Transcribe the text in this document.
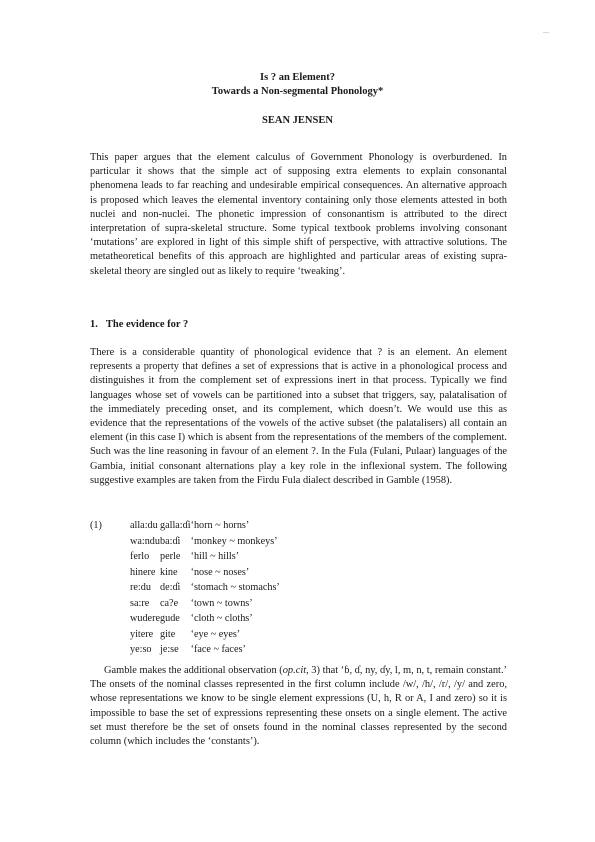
...
Is ? an Element?
Towards a Non-segmental Phonology*
SEAN JENSEN
This paper argues that the element calculus of Government Phonology is overburdened. In particular it shows that the simple act of supposing extra elements to explain consonantal phenomena leads to far reaching and undesirable empirical consequences. An alternative approach is proposed which leaves the elemental inventory containing only those elements attested in both nuclei and non-nuclei. The phonetic impression of consonantism is attributed to the direct interpretation of supra-skeletal structure. Some typical textbook problems involving consonant ‘mutations’ are explored in light of this simple shift of perspective, with attractive solutions. The metatheoretical benefits of this approach are highlighted and particular areas of existing supra-skeletal theory are singled out as likely to require ‘tweaking’.
1. The evidence for ?
There is a considerable quantity of phonological evidence that ? is an element. An element represents a property that defines a set of expressions that is active in a phonological process and distinguishes it from the complement set of expressions inert in that process. Typically we find languages whose set of vowels can be partitioned into a subset that triggers, say, palatalisation of the immediately preceding onset, and its complement, which doesn’t. We would use this as evidence that the representations of the vowels of the active subset (the palatalisers) all contain an element (in this case I) which is absent from the representations of the members of the complement. Such was the line reasoning in favour of an element ?. In the Fula (Fulani, Pulaar) languages of the Gambia, initial consonant alternations play a key role in the inflexional system. The following suggestive examples are taken from the Firdu Fula dialect described in Gamble (1958).
(1)	alla:du	galla:ɗi	‘horn ~ horns’
wa:ndu	ba:ɗi	‘monkey ~ monkeys’
ferlo	perle	‘hill ~ hills’
hinere	kine	‘nose ~ noses’
re:du	de:ɗi	‘stomach ~ stomachs’
sa:re	ca?e	‘town ~ towns’
wudere	gude	‘cloth ~ cloths’
yitere	gite	‘eye ~ eyes’
ye:so	je:se	‘face ~ faces’
Gamble makes the additional observation (op.cit, 3) that ‘ɓ, ɗ, ny, ɗy, l, m, n, t, remain constant.’ The onsets of the nominal classes represented in the first column include /w/, /h/, /r/, /y/ and zero, whose representations we know to be single element expressions (U, h, R or A, I and zero) so it is impossible to base the set of expressions representing these onsets on a single element. The active set must therefore be the set of onsets found in the nominal classes represented by the second column (which includes the ‘constants’).
